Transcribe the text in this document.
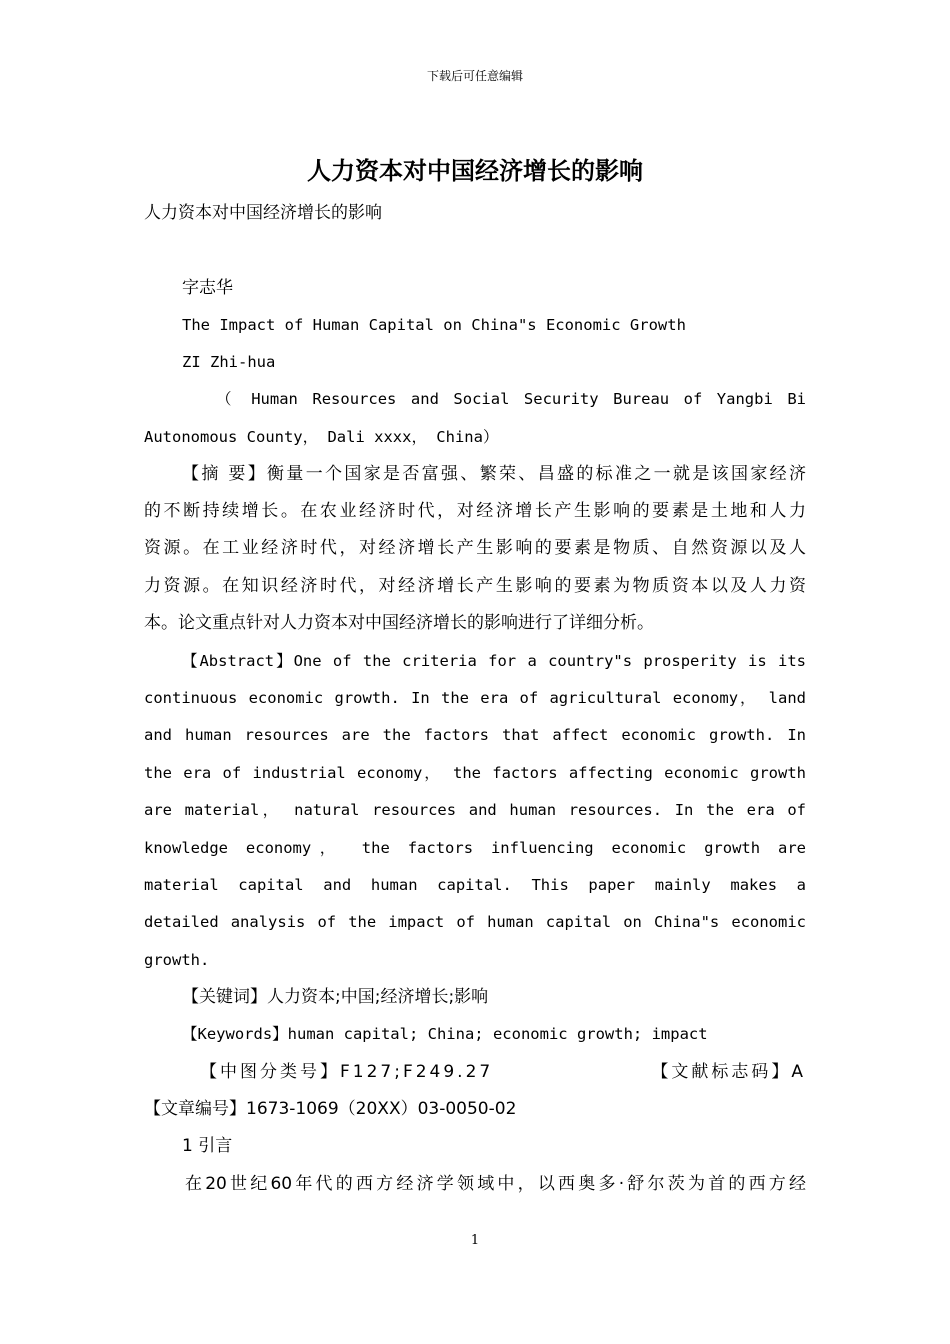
下载后可任意编辑
人力资本对中国经济增长的影响
人力资本对中国经济增长的影响
字志华
The Impact of Human Capital on China"s Economic Growth
ZI Zhi-hua
（ Human Resources and Social Security Bureau of Yangbi Bi
Autonomous County， Dali xxxx， China）
【摘 要】衡量一个国家是否富强、繁荣、昌盛的标准之一就是该国家经济
的不断持续增长。在农业经济时代，对经济增长产生影响的要素是土地和人力
资源。在工业经济时代，对经济增长产生影响的要素是物质、自然资源以及人
力资源。在知识经济时代，对经济增长产生影响的要素为物质资本以及人力资
本。论文重点针对人力资本对中国经济增长的影响进行了详细分析。
【Abstract】One of the criteria for a country"s prosperity is its
continuous economic growth. In the era of agricultural economy， land
and human resources are the factors that affect economic growth. In
the era of industrial economy， the factors affecting economic growth
are material， natural resources and human resources. In the era of
knowledge economy， the factors influencing economic growth are
material capital and human capital. This paper mainly makes a
detailed analysis of the impact of human capital on China"s economic
growth.
【关键词】人力资本;中国;经济增长;影响
【Keywords】human capital; China; economic growth; impact
【中图分类号】F127;F249.27	【文献标志码】A
【文章编号】1673-1069（20XX）03-0050-02
1 引言
在20世纪60年代的西方经济学领域中，以西奥多·舒尔茨为首的西方经
1
